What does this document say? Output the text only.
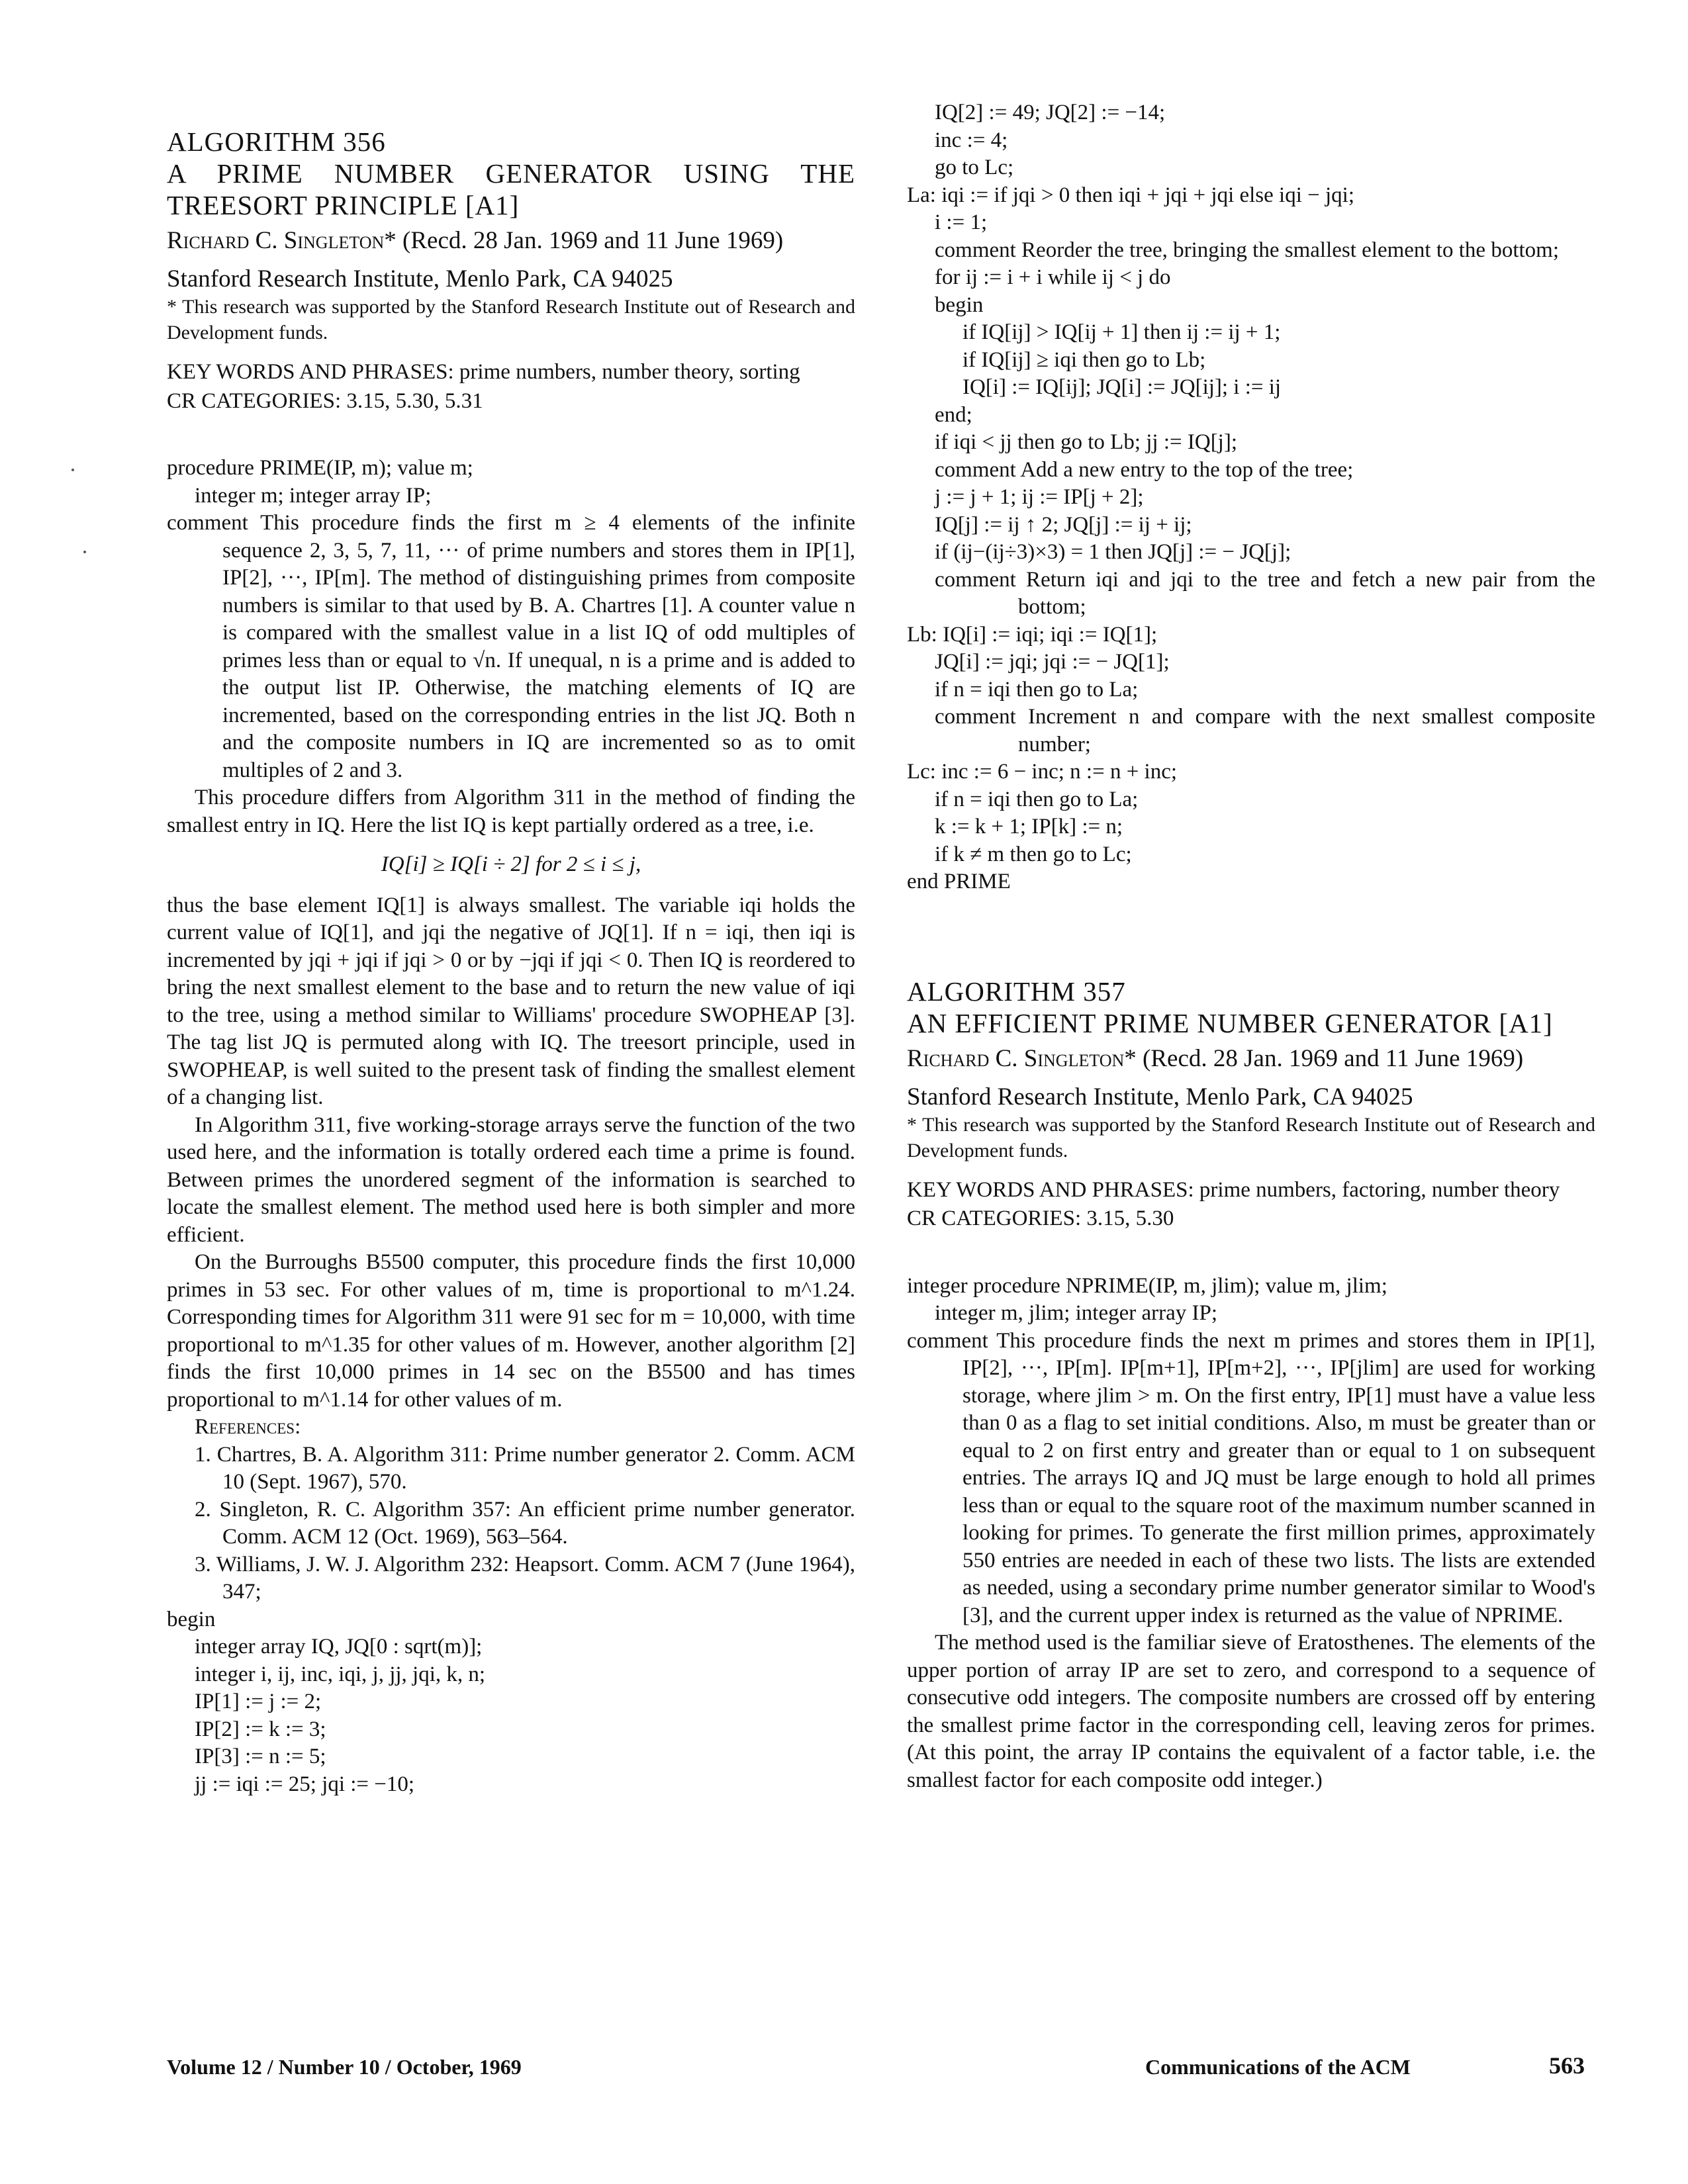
ALGORITHM 356
A PRIME NUMBER GENERATOR USING THE TREESORT PRINCIPLE [A1]
Richard C. Singleton* (Recd. 28 Jan. 1969 and 11 June 1969)
Stanford Research Institute, Menlo Park, CA 94025
* This research was supported by the Stanford Research Institute out of Research and Development funds.
KEY WORDS AND PHRASES: prime numbers, number theory, sorting
CR CATEGORIES: 3.15, 5.30, 5.31
procedure PRIME(IP, m); value m;
integer m; integer array IP;
comment This procedure finds the first m ≥ 4 elements of the infinite sequence 2, 3, 5, 7, 11, ··· of prime numbers and stores them in IP[1], IP[2], ···, IP[m]. The method of distinguishing primes from composite numbers is similar to that used by B. A. Chartres [1]. A counter value n is compared with the smallest value in a list IQ of odd multiples of primes less than or equal to √n. If unequal, n is a prime and is added to the output list IP. Otherwise, the matching elements of IQ are incremented, based on the corresponding entries in the list JQ. Both n and the composite numbers in IQ are incremented so as to omit multiples of 2 and 3.
This procedure differs from Algorithm 311 in the method of finding the smallest entry in IQ. Here the list IQ is kept partially ordered as a tree, i.e.
IQ[i] ≥ IQ[i ÷ 2] for 2 ≤ i ≤ j,
thus the base element IQ[1] is always smallest. The variable iqi holds the current value of IQ[1], and jqi the negative of JQ[1]. If n = iqi, then iqi is incremented by jqi + jqi if jqi > 0 or by −jqi if jqi < 0. Then IQ is reordered to bring the next smallest element to the base and to return the new value of iqi to the tree, using a method similar to Williams' procedure SWOPHEAP [3]. The tag list JQ is permuted along with IQ. The treesort principle, used in SWOPHEAP, is well suited to the present task of finding the smallest element of a changing list.
In Algorithm 311, five working-storage arrays serve the function of the two used here, and the information is totally ordered each time a prime is found. Between primes the unordered segment of the information is searched to locate the smallest element. The method used here is both simpler and more efficient.
On the Burroughs B5500 computer, this procedure finds the first 10,000 primes in 53 sec. For other values of m, time is proportional to m^1.24. Corresponding times for Algorithm 311 were 91 sec for m = 10,000, with time proportional to m^1.35 for other values of m. However, another algorithm [2] finds the first 10,000 primes in 14 sec on the B5500 and has times proportional to m^1.14 for other values of m.
References:
1. Chartres, B. A. Algorithm 311: Prime number generator 2. Comm. ACM 10 (Sept. 1967), 570.
2. Singleton, R. C. Algorithm 357: An efficient prime number generator. Comm. ACM 12 (Oct. 1969), 563–564.
3. Williams, J. W. J. Algorithm 232: Heapsort. Comm. ACM 7 (June 1964), 347;
begin
integer array IQ, JQ[0 : sqrt(m)];
integer i, ij, inc, iqi, j, jj, jqi, k, n;
IP[1] := j := 2;
IP[2] := k := 3;
IP[3] := n := 5;
jj := iqi := 25; jqi := −10;
IQ[2] := 49; JQ[2] := −14;
inc := 4;
go to Lc;
La: iqi := if jqi > 0 then iqi + jqi + jqi else iqi − jqi;
i := 1;
comment Reorder the tree, bringing the smallest element to the bottom;
for ij := i + i while ij < j do
begin
if IQ[ij] > IQ[ij + 1] then ij := ij + 1;
if IQ[ij] ≥ iqi then go to Lb;
IQ[i] := IQ[ij]; JQ[i] := JQ[ij]; i := ij
end;
if iqi < jj then go to Lb; jj := IQ[j];
comment Add a new entry to the top of the tree;
j := j + 1; ij := IP[j + 2];
IQ[j] := ij ↑ 2; JQ[j] := ij + ij;
if (ij−(ij÷3)×3) = 1 then JQ[j] := − JQ[j];
comment Return iqi and jqi to the tree and fetch a new pair from the bottom;
Lb: IQ[i] := iqi; iqi := IQ[1];
JQ[i] := jqi; jqi := − JQ[1];
if n = iqi then go to La;
comment Increment n and compare with the next smallest composite number;
Lc: inc := 6 − inc; n := n + inc;
if n = iqi then go to La;
k := k + 1; IP[k] := n;
if k ≠ m then go to Lc;
end PRIME
ALGORITHM 357
AN EFFICIENT PRIME NUMBER GENERATOR [A1]
Richard C. Singleton* (Recd. 28 Jan. 1969 and 11 June 1969)
Stanford Research Institute, Menlo Park, CA 94025
* This research was supported by the Stanford Research Institute out of Research and Development funds.
KEY WORDS AND PHRASES: prime numbers, factoring, number theory
CR CATEGORIES: 3.15, 5.30
integer procedure NPRIME(IP, m, jlim); value m, jlim;
integer m, jlim; integer array IP;
comment This procedure finds the next m primes and stores them in IP[1], IP[2], ···, IP[m]. IP[m+1], IP[m+2], ···, IP[jlim] are used for working storage, where jlim > m. On the first entry, IP[1] must have a value less than 0 as a flag to set initial conditions. Also, m must be greater than or equal to 2 on first entry and greater than or equal to 1 on subsequent entries. The arrays IQ and JQ must be large enough to hold all primes less than or equal to the square root of the maximum number scanned in looking for primes. To generate the first million primes, approximately 550 entries are needed in each of these two lists. The lists are extended as needed, using a secondary prime number generator similar to Wood's [3], and the current upper index is returned as the value of NPRIME.
The method used is the familiar sieve of Eratosthenes. The elements of the upper portion of array IP are set to zero, and correspond to a sequence of consecutive odd integers. The composite numbers are crossed off by entering the smallest prime factor in the corresponding cell, leaving zeros for primes. (At this point, the array IP contains the equivalent of a factor table, i.e. the smallest factor for each composite odd integer.)
Volume 12 / Number 10 / October, 1969	Communications of the ACM	563
